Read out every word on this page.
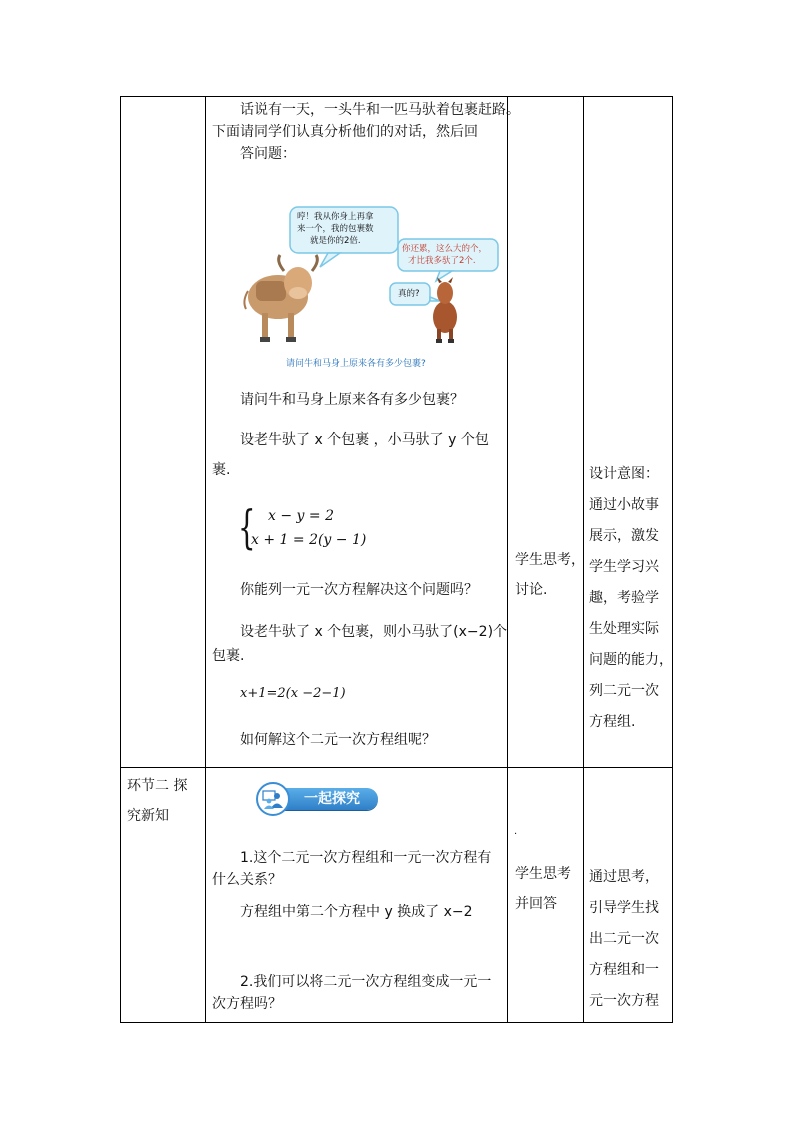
话说有一天，一头牛和一匹马驮着包裹赶路。
下面请同学们认真分析他们的对话，然后回
答问题：
哼！我从你身上再拿
来一个，我的包裹数
就是你的2倍.
你还累，这么大的个，
才比我多驮了2个.
真的?
请问牛和马身上原来各有多少包裹?
请问牛和马身上原来各有多少包裹？
设老牛驮了 x 个包裹 ，小马驮了 y 个包
裹.
{ x − y = 2
x + 1 = 2(y − 1)
你能列一元一次方程解决这个问题吗？
设老牛驮了 x 个包裹，则小马驮了(x−2)个
包裹.
x+1=2(x −2−1)
如何解这个二元一次方程组呢？
学生思考，
讨论.
设计意图：
通过小故事
展示，激发
学生学习兴
趣，考验学
生处理实际
问题的能力，
列二元一次
方程组.
环节二 探
究新知
一起探究
1.这个二元一次方程组和一元一次方程有
什么关系？
方程组中第二个方程中 y 换成了 x−2
2.我们可以将二元一次方程组变成一元一
次方程吗？
.
学生思考
并回答
通过思考，
引导学生找
出二元一次
方程组和一
元一次方程
